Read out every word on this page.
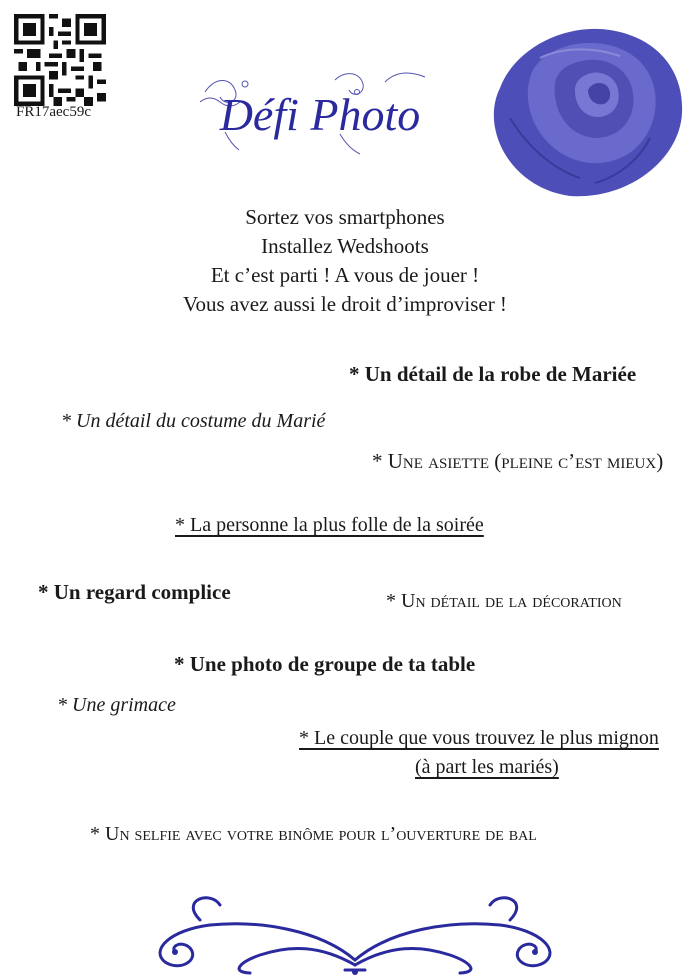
FR17aec59c	Défi Photo
Sortez vos smartphones
Installez Wedshoots
Et c’est parti ! A vous de jouer !
Vous avez aussi le droit d’improviser !
* Un détail de la robe de Mariée
* Un détail du costume du Marié
* Une asiette (pleine c’est mieux)
* La personne la plus folle de la soirée
* Un regard complice	* Un détail de la décoration
* Une photo de groupe de ta table
* Une grimace
* Le couple que vous trouvez le plus mignon
(à part les mariés)
* Un selfie avec votre binôme pour l’ouverture de bal
